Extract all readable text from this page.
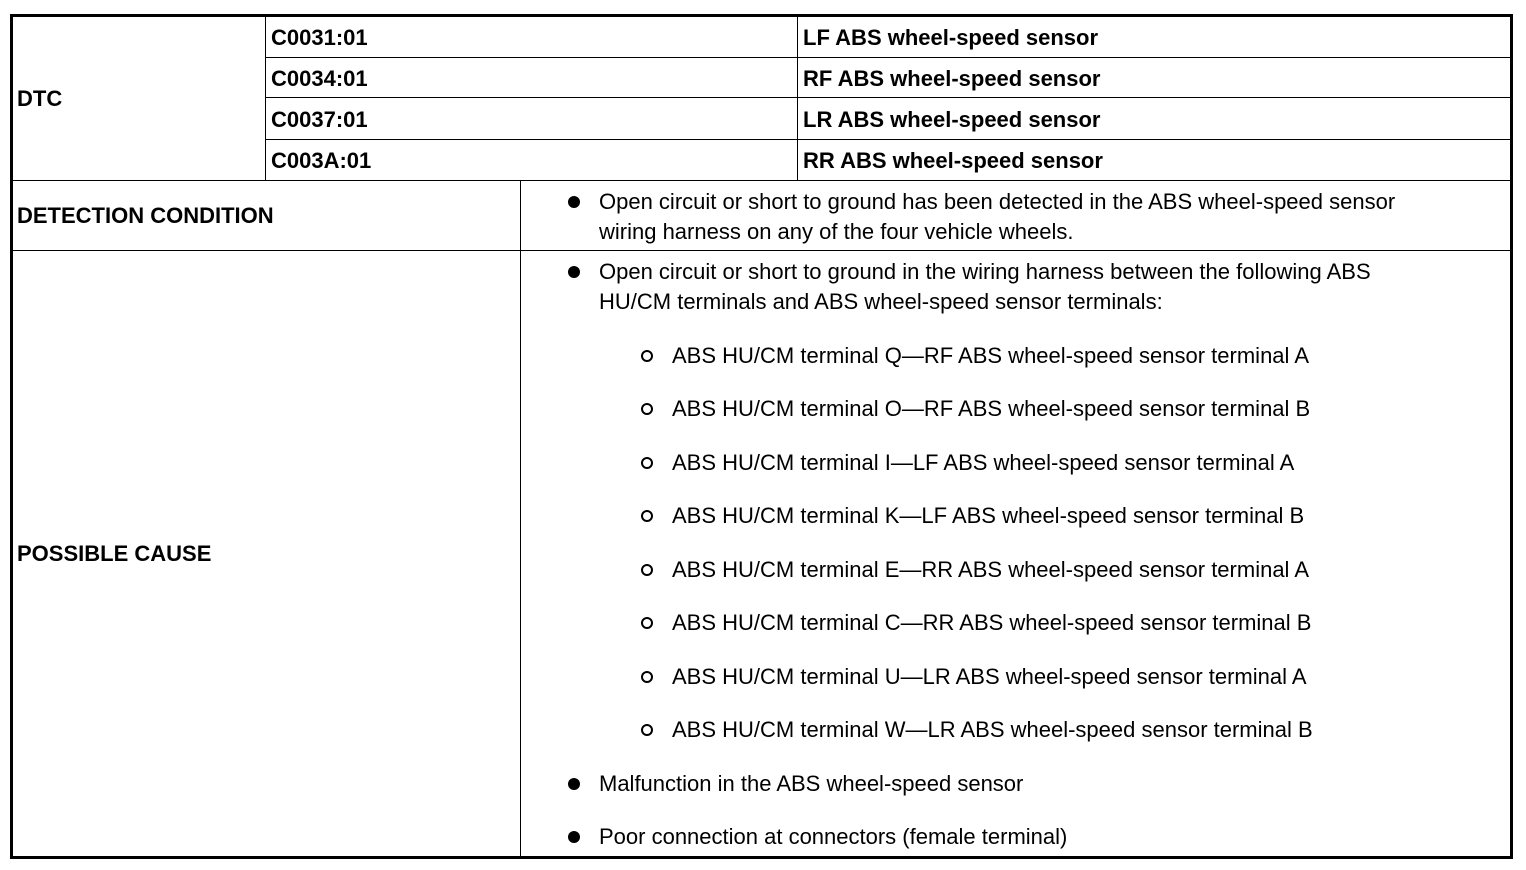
DTC
C0031:01	LF ABS wheel-speed sensor
C0034:01	RF ABS wheel-speed sensor
C0037:01	LR ABS wheel-speed sensor
C003A:01	RR ABS wheel-speed sensor
DETECTION CONDITION
Open circuit or short to ground has been detected in the ABS wheel-speed sensor
wiring harness on any of the four vehicle wheels.
POSSIBLE CAUSE
Open circuit or short to ground in the wiring harness between the following ABS
HU/CM terminals and ABS wheel-speed sensor terminals:
ABS HU/CM terminal Q—RF ABS wheel-speed sensor terminal A
ABS HU/CM terminal O—RF ABS wheel-speed sensor terminal B
ABS HU/CM terminal I—LF ABS wheel-speed sensor terminal A
ABS HU/CM terminal K—LF ABS wheel-speed sensor terminal B
ABS HU/CM terminal E—RR ABS wheel-speed sensor terminal A
ABS HU/CM terminal C—RR ABS wheel-speed sensor terminal B
ABS HU/CM terminal U—LR ABS wheel-speed sensor terminal A
ABS HU/CM terminal W—LR ABS wheel-speed sensor terminal B
Malfunction in the ABS wheel-speed sensor
Poor connection at connectors (female terminal)
